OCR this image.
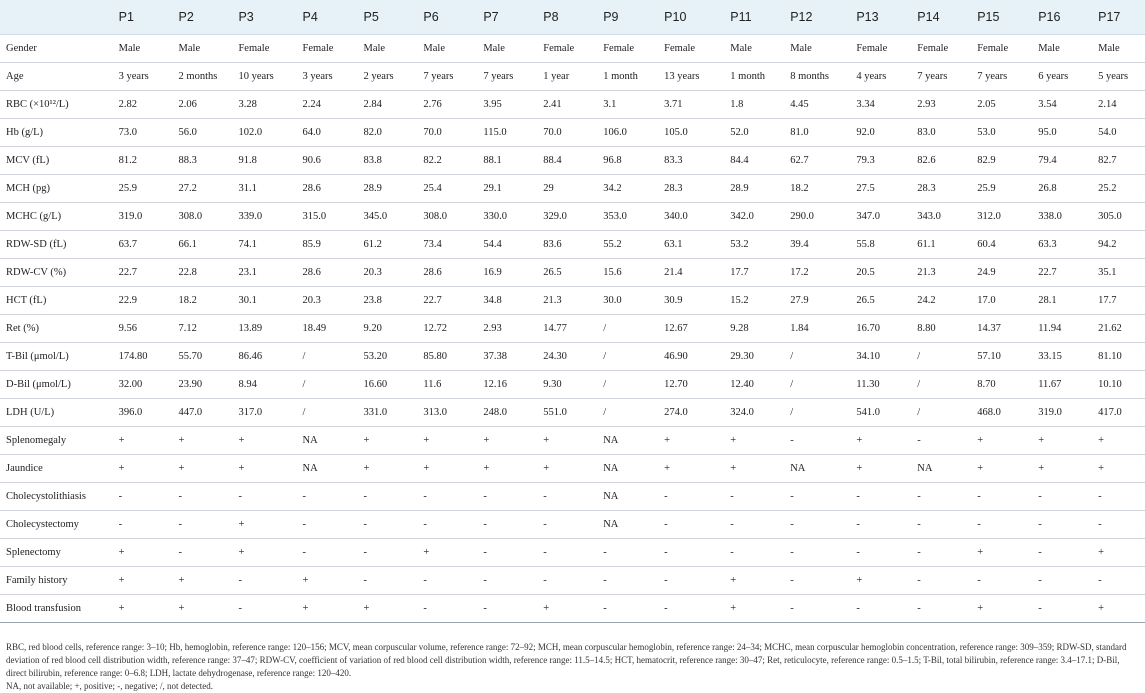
	P1	P2	P3	P4	P5	P6	P7	P8	P9	P10	P11	P12	P13	P14	P15	P16	P17
Gender	Male	Male	Female	Female	Male	Male	Male	Female	Female	Female	Male	Male	Female	Female	Female	Male	Male
Age	3 years	2 months	10 years	3 years	2 years	7 years	7 years	1 year	1 month	13 years	1 month	8 months	4 years	7 years	7 years	6 years	5 years
RBC (×10¹²/L)	2.82	2.06	3.28	2.24	2.84	2.76	3.95	2.41	3.1	3.71	1.8	4.45	3.34	2.93	2.05	3.54	2.14
Hb (g/L)	73.0	56.0	102.0	64.0	82.0	70.0	115.0	70.0	106.0	105.0	52.0	81.0	92.0	83.0	53.0	95.0	54.0
MCV (fL)	81.2	88.3	91.8	90.6	83.8	82.2	88.1	88.4	96.8	83.3	84.4	62.7	79.3	82.6	82.9	79.4	82.7
MCH (pg)	25.9	27.2	31.1	28.6	28.9	25.4	29.1	29	34.2	28.3	28.9	18.2	27.5	28.3	25.9	26.8	25.2
MCHC (g/L)	319.0	308.0	339.0	315.0	345.0	308.0	330.0	329.0	353.0	340.0	342.0	290.0	347.0	343.0	312.0	338.0	305.0
RDW-SD (fL)	63.7	66.1	74.1	85.9	61.2	73.4	54.4	83.6	55.2	63.1	53.2	39.4	55.8	61.1	60.4	63.3	94.2
RDW-CV (%)	22.7	22.8	23.1	28.6	20.3	28.6	16.9	26.5	15.6	21.4	17.7	17.2	20.5	21.3	24.9	22.7	35.1
HCT (fL)	22.9	18.2	30.1	20.3	23.8	22.7	34.8	21.3	30.0	30.9	15.2	27.9	26.5	24.2	17.0	28.1	17.7
Ret (%)	9.56	7.12	13.89	18.49	9.20	12.72	2.93	14.77	/	12.67	9.28	1.84	16.70	8.80	14.37	11.94	21.62
T-Bil (μmol/L)	174.80	55.70	86.46	/	53.20	85.80	37.38	24.30	/	46.90	29.30	/	34.10	/	57.10	33.15	81.10
D-Bil (μmol/L)	32.00	23.90	8.94	/	16.60	11.6	12.16	9.30	/	12.70	12.40	/	11.30	/	8.70	11.67	10.10
LDH (U/L)	396.0	447.0	317.0	/	331.0	313.0	248.0	551.0	/	274.0	324.0	/	541.0	/	468.0	319.0	417.0
Splenomegaly	+	+	+	NA	+	+	+	+	NA	+	+	-	+	-	+	+	+
Jaundice	+	+	+	NA	+	+	+	+	NA	+	+	NA	+	NA	+	+	+
Cholecystolithiasis	-	-	-	-	-	-	-	-	NA	-	-	-	-	-	-	-	-
Cholecystectomy	-	-	+	-	-	-	-	-	NA	-	-	-	-	-	-	-	-
Splenectomy	+	-	+	-	-	+	-	-	-	-	-	-	-	-	+	-	+
Family history	+	+	-	+	-	-	-	-	-	-	+	-	+	-	-	-	-
Blood transfusion	+	+	-	+	+	-	-	+	-	-	+	-	-	-	+	-	+

RBC, red blood cells, reference range: 3–10; Hb, hemoglobin, reference range: 120–156; MCV, mean corpuscular volume, reference range: 72–92; MCH, mean corpuscular hemoglobin, reference range: 24–34; MCHC, mean corpuscular hemoglobin concentration, reference range: 309–359; RDW-SD, standard deviation of red blood cell distribution width, reference range: 37–47; RDW-CV, coefficient of variation of red blood cell distribution width, reference range: 11.5–14.5; HCT, hematocrit, reference range: 30–47; Ret, reticulocyte, reference range: 0.5–1.5; T-Bil, total bilirubin, reference range: 3.4–17.1; D-Bil, direct bilirubin, reference range: 0–6.8; LDH, lactate dehydrogenase, reference range: 120–420.

NA, not available; +, positive; -, negative; /, not detected.
